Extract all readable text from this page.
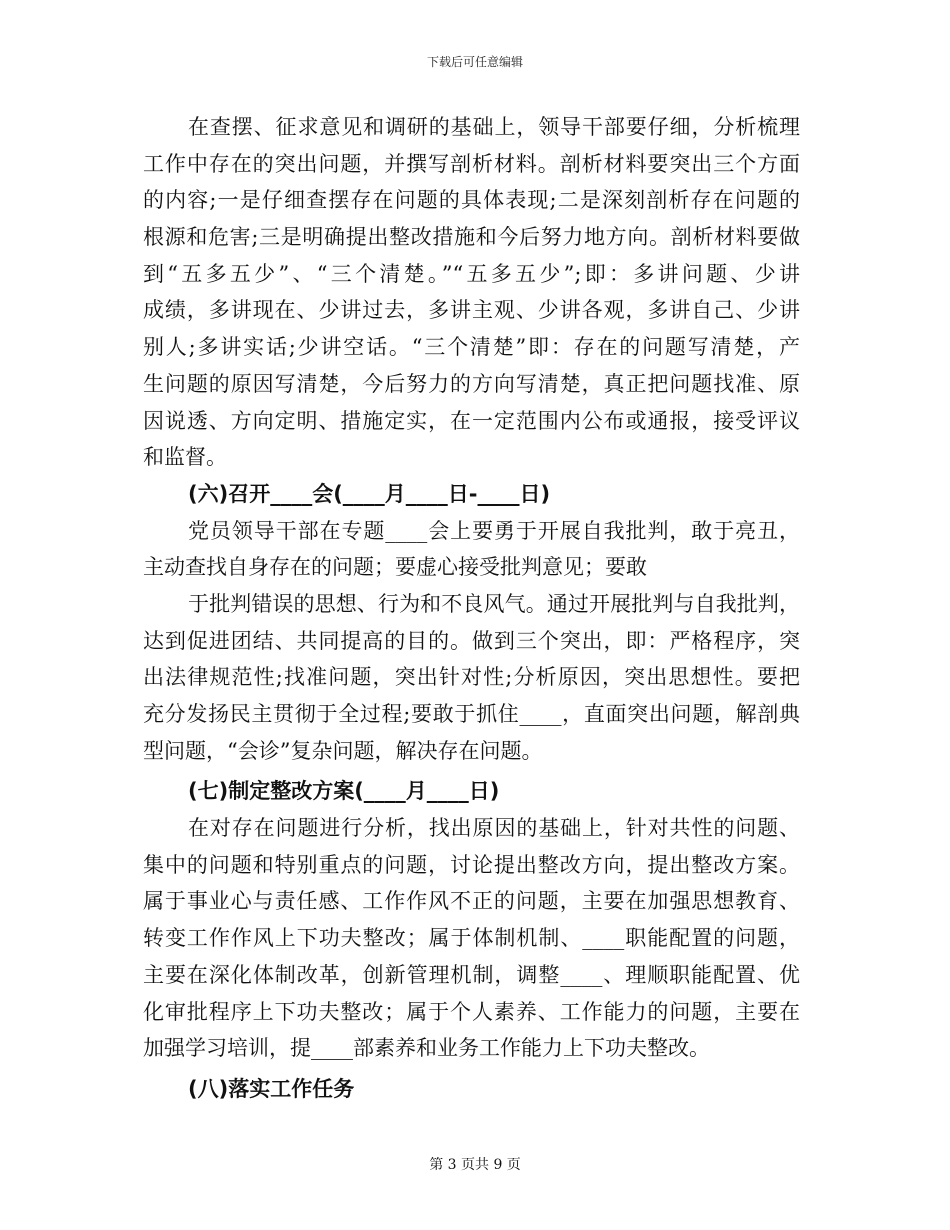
下载后可任意编辑
在查摆、征求意见和调研的基础上，领导干部要仔细，分析梳理
工作中存在的突出问题，并撰写剖析材料。剖析材料要突出三个方面
的内容;一是仔细查摆存在问题的具体表现;二是深刻剖析存在问题的
根源和危害;三是明确提出整改措施和今后努力地方向。剖析材料要做
到“五多五少”、“三个清楚。”“五多五少”;即：多讲问题、少讲
成绩，多讲现在、少讲过去，多讲主观、少讲各观，多讲自己、少讲
别人;多讲实话;少讲空话。“三个清楚”即：存在的问题写清楚，产
生问题的原因写清楚，今后努力的方向写清楚，真正把问题找准、原
因说透、方向定明、措施定实，在一定范围内公布或通报，接受评议
和监督。
(六)召开____会(____月____日-____日)
党员领导干部在专题____会上要勇于开展自我批判，敢于亮丑，
主动查找自身存在的问题；要虚心接受批判意见；要敢
于批判错误的思想、行为和不良风气。通过开展批判与自我批判，
达到促进团结、共同提高的目的。做到三个突出，即：严格程序，突
出法律规范性;找准问题，突出针对性;分析原因，突出思想性。要把
充分发扬民主贯彻于全过程;要敢于抓住____，直面突出问题，解剖典
型问题，“会诊”复杂问题，解决存在问题。
(七)制定整改方案(____月____日)
在对存在问题进行分析，找出原因的基础上，针对共性的问题、
集中的问题和特别重点的问题，讨论提出整改方向，提出整改方案。
属于事业心与责任感、工作作风不正的问题，主要在加强思想教育、
转变工作作风上下功夫整改；属于体制机制、____职能配置的问题，
主要在深化体制改革，创新管理机制，调整____、理顺职能配置、优
化审批程序上下功夫整改；属于个人素养、工作能力的问题，主要在
加强学习培训，提____部素养和业务工作能力上下功夫整改。
(八)落实工作任务
第 3 页共 9 页
